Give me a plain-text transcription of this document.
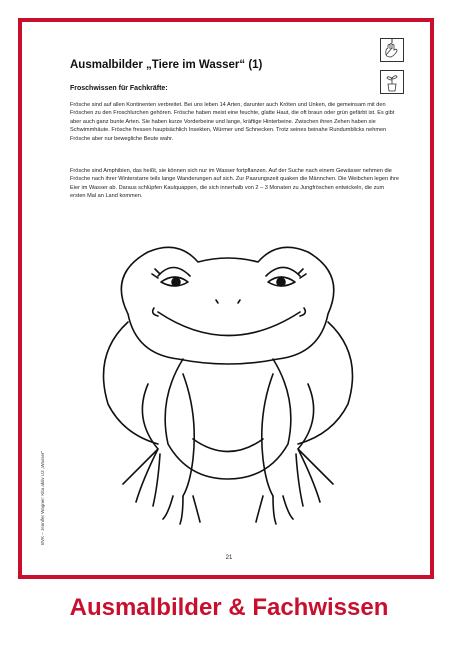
Ausmalbilder „Tiere im Wasser“ (1)
Froschwissen für Fachkräfte:

Frösche sind auf allen Kontinenten verbreitet. Bei uns leben 14 Arten, darunter auch Kröten und Unken, die gemeinsam mit den Fröschen zu den Froschlurchen gehören. Frösche haben meist eine feuchte, glatte Haut, die oft braun oder grün gefärbt ist. Es gibt aber auch ganz bunte Arten. Sie haben kurze Vorderbeine und lange, kräftige Hinterbeine. Zwischen ihren Zehen haben sie Schwimmhäute. Frösche fressen hauptsächlich Insekten, Würmer und Schnecken. Trotz seines beinahe Rundumblicks nehmen Frösche aber nur bewegliche Beute wahr.

Frösche sind Amphibien, das heißt, sie können sich nur im Wasser fortpflanzen. Auf der Suche nach einem Gewässer nehmen die Frösche nach ihrer Winterstarre teils lange Wanderungen auf sich. Zur Paarungszeit quaken die Männchen. Die Weibchen legen ihre Eier im Wasser ab. Daraus schlüpfen Kaulquappen, die sich innerhalb von 2 – 3 Monaten zu Jungfröschen entwickeln, die zum ersten Mal an Land kommen.

BVK – Jennifer Wagner: Kita aktiv U3 „Wasser“
21
Ausmalbilder & Fachwissen
